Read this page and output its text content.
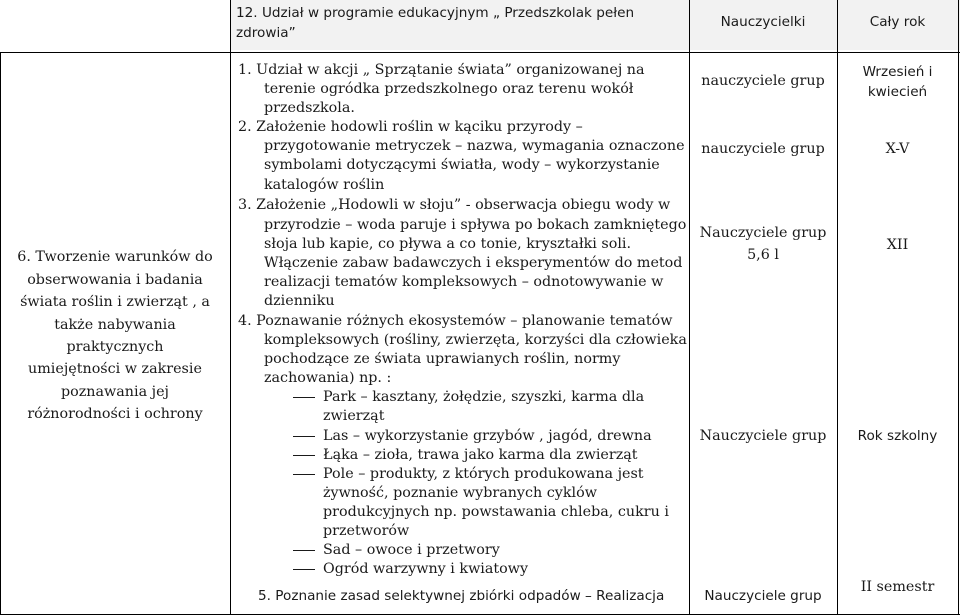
12. Udział w programie edukacyjnym „ Przedszkolak pełen
zdrowia”
Nauczycielki	Cały rok
6. Tworzenie warunków do
obserwowania i badania
świata roślin i zwierząt , a
także nabywania
praktycznych
umiejętności w zakresie
poznawania jej
różnorodności i ochrony
1. Udział w akcji „ Sprzątanie świata” organizowanej na
terenie ogródka przedszkolnego oraz terenu wokół
przedszkola.
2. Założenie hodowli roślin w kąciku przyrody –
przygotowanie metryczek – nazwa, wymagania oznaczone
symbolami dotyczącymi światła, wody – wykorzystanie
katalogów roślin
3. Założenie „Hodowli w słoju” - obserwacja obiegu wody w
przyrodzie – woda paruje i spływa po bokach zamkniętego
słoja lub kapie, co pływa a co tonie, kryształki soli.
Włączenie zabaw badawczych i eksperymentów do metod
realizacji tematów kompleksowych – odnotowywanie w
dzienniku
4. Poznawanie różnych ekosystemów – planowanie tematów
kompleksowych (rośliny, zwierzęta, korzyści dla człowieka
pochodzące ze świata uprawianych roślin, normy
zachowania) np. :
Park – kasztany, żołędzie, szyszki, karma dla
zwierząt
Las – wykorzystanie grzybów , jagód, drewna
Łąka – zioła, trawa jako karma dla zwierząt
Pole – produkty, z których produkowana jest
żywność, poznanie wybranych cyklów
produkcyjnych np. powstawania chleba, cukru i
przetworów
Sad – owoce i przetwory
Ogród warzywny i kwiatowy
5. Poznanie zasad selektywnej zbiórki odpadów – Realizacja
nauczyciele grup
nauczyciele grup
Nauczyciele grup
5,6 l
Nauczyciele grup
Nauczyciele grup
Wrzesień i
kwiecień
X-V
XII
Rok szkolny
II semestr
